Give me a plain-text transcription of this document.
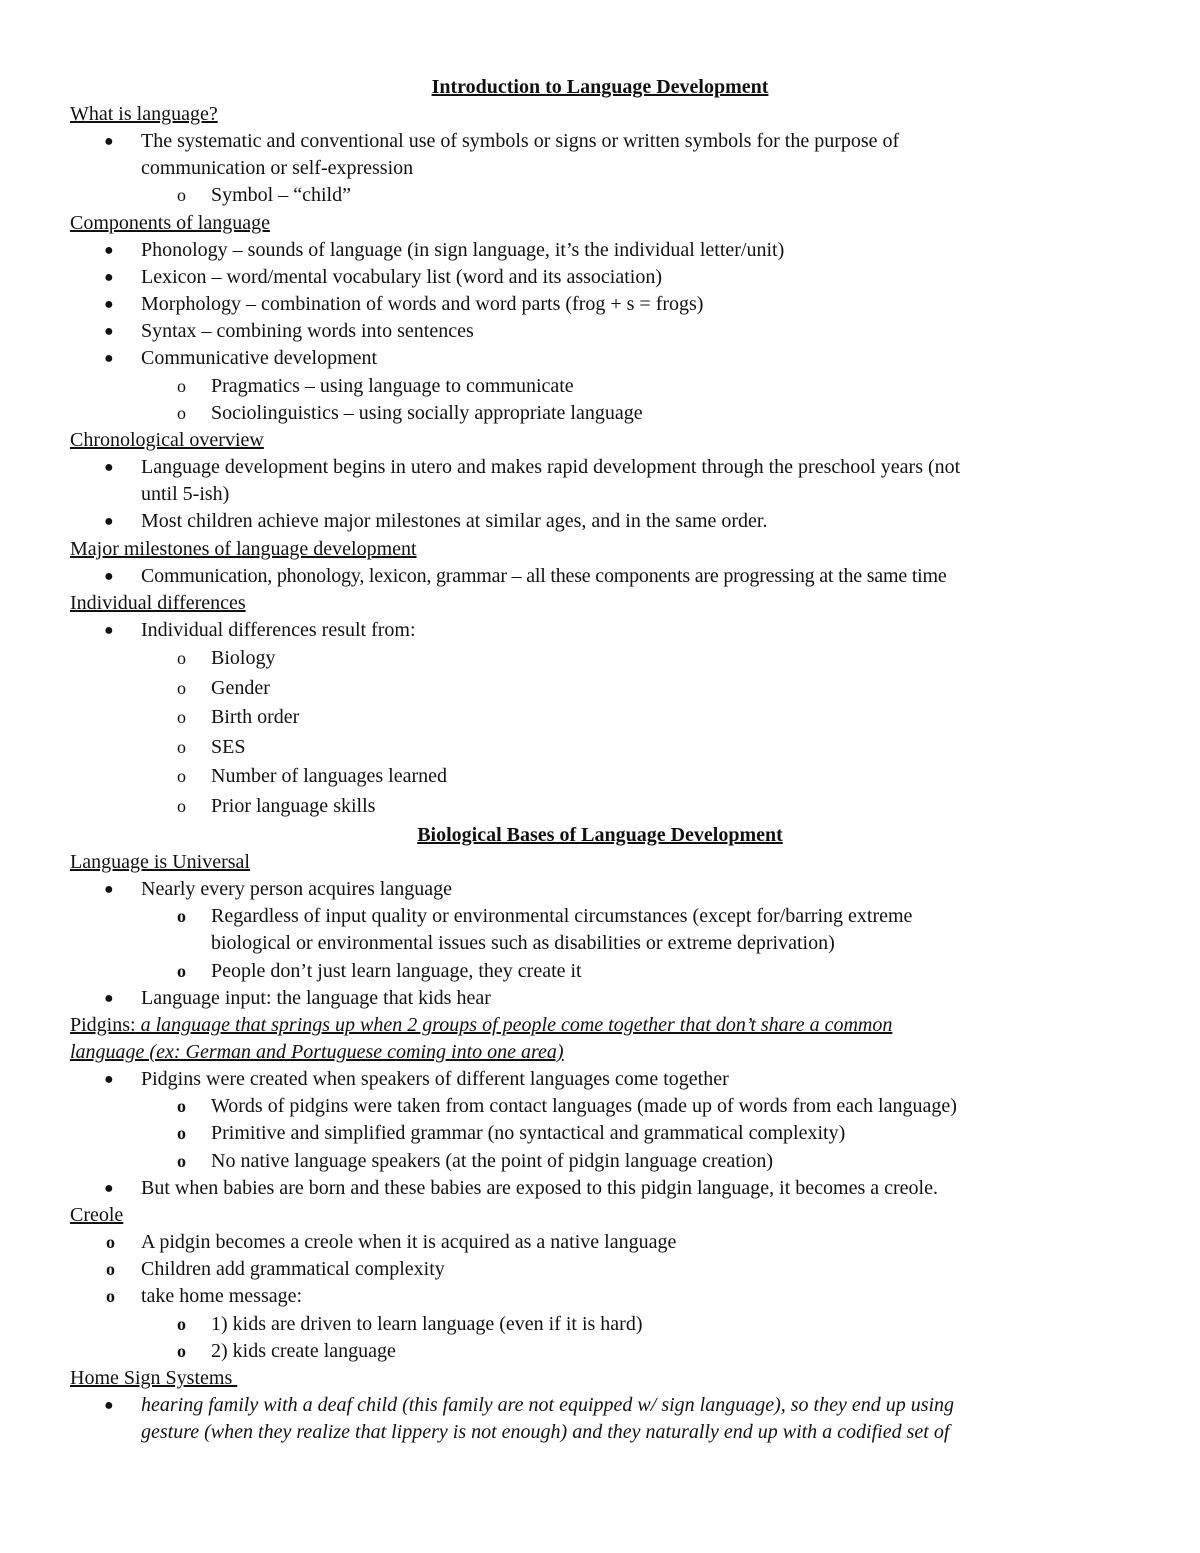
Introduction to Language Development
What is language?
● The systematic and conventional use of symbols or signs or written symbols for the purpose of
communication or self-expression
o Symbol – “child”
Components of language
● Phonology – sounds of language (in sign language, it’s the individual letter/unit)
● Lexicon – word/mental vocabulary list (word and its association)
● Morphology – combination of words and word parts (frog + s = frogs)
● Syntax – combining words into sentences
● Communicative development
o Pragmatics – using language to communicate
o Sociolinguistics – using socially appropriate language
Chronological overview
● Language development begins in utero and makes rapid development through the preschool years (not
until 5-ish)
● Most children achieve major milestones at similar ages, and in the same order.
Major milestones of language development
● Communication, phonology, lexicon, grammar – all these components are progressing at the same time
Individual differences
● Individual differences result from:
o Biology
o Gender
o Birth order
o SES
o Number of languages learned
o Prior language skills
Biological Bases of Language Development
Language is Universal
● Nearly every person acquires language
o Regardless of input quality or environmental circumstances (except for/barring extreme
biological or environmental issues such as disabilities or extreme deprivation)
o People don’t just learn language, they create it
● Language input: the language that kids hear
Pidgins: a language that springs up when 2 groups of people come together that don’t share a common
language (ex: German and Portuguese coming into one area)
● Pidgins were created when speakers of different languages come together
o Words of pidgins were taken from contact languages (made up of words from each language)
o Primitive and simplified grammar (no syntactical and grammatical complexity)
o No native language speakers (at the point of pidgin language creation)
● But when babies are born and these babies are exposed to this pidgin language, it becomes a creole.
Creole
o A pidgin becomes a creole when it is acquired as a native language
o Children add grammatical complexity
o take home message:
o 1) kids are driven to learn language (even if it is hard)
o 2) kids create language
Home Sign Systems
● hearing family with a deaf child (this family are not equipped w/ sign language), so they end up using
gesture (when they realize that lippery is not enough) and they naturally end up with a codified set of
